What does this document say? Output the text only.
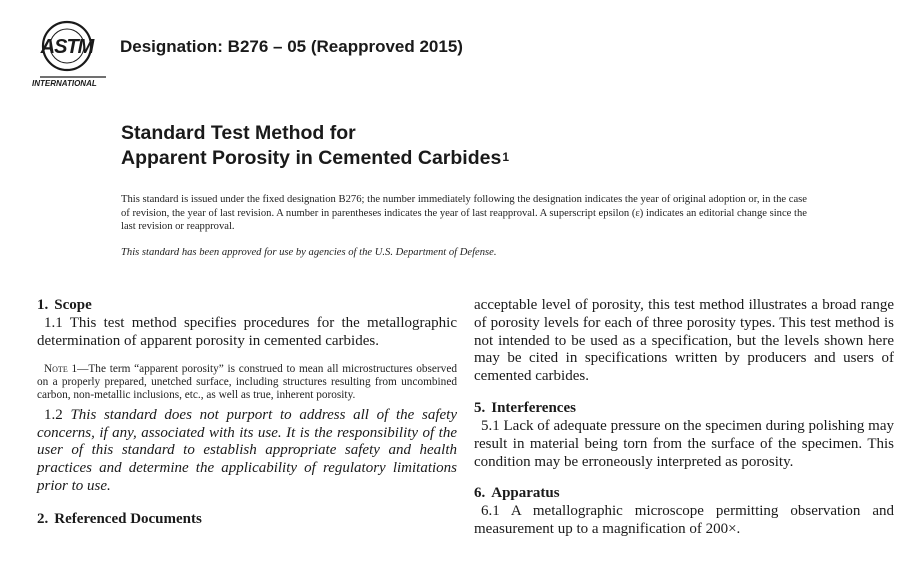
ASTM
INTERNATIONAL
Designation: B276 – 05 (Reapproved 2015)
Standard Test Method for
Apparent Porosity in Cemented Carbides$^1$
This standard is issued under the fixed designation B276; the number immediately following the designation indicates the year of original adoption or, in the case of revision, the year of last revision. A number in parentheses indicates the year of last reapproval. A superscript epsilon (ε) indicates an editorial change since the last revision or reapproval.
This standard has been approved for use by agencies of the U.S. Department of Defense.
1. Scope

1.1 This test method specifies procedures for the metallographic determination of apparent porosity in cemented carbides.

Note 1—The term “apparent porosity” is construed to mean all microstructures observed on a properly prepared, unetched surface, including structures resulting from uncombined carbon, non-metallic inclusions, etc., as well as true, inherent porosity.

1.2 This standard does not purport to address all of the safety concerns, if any, associated with its use. It is the responsibility of the user of this standard to establish appropriate safety and health practices and determine the applicability of regulatory limitations prior to use.

2. Referenced Documents

acceptable level of porosity, this test method illustrates a broad range of porosity levels for each of three porosity types. This test method is not intended to be used as a specification, but the levels shown here may be cited in specifications written by producers and users of cemented carbides.

5. Interferences

5.1 Lack of adequate pressure on the specimen during polishing may result in material being torn from the surface of the specimen. This condition may be erroneously interpreted as porosity.

6. Apparatus

6.1 A metallographic microscope permitting observation and measurement up to a magnification of 200×.
